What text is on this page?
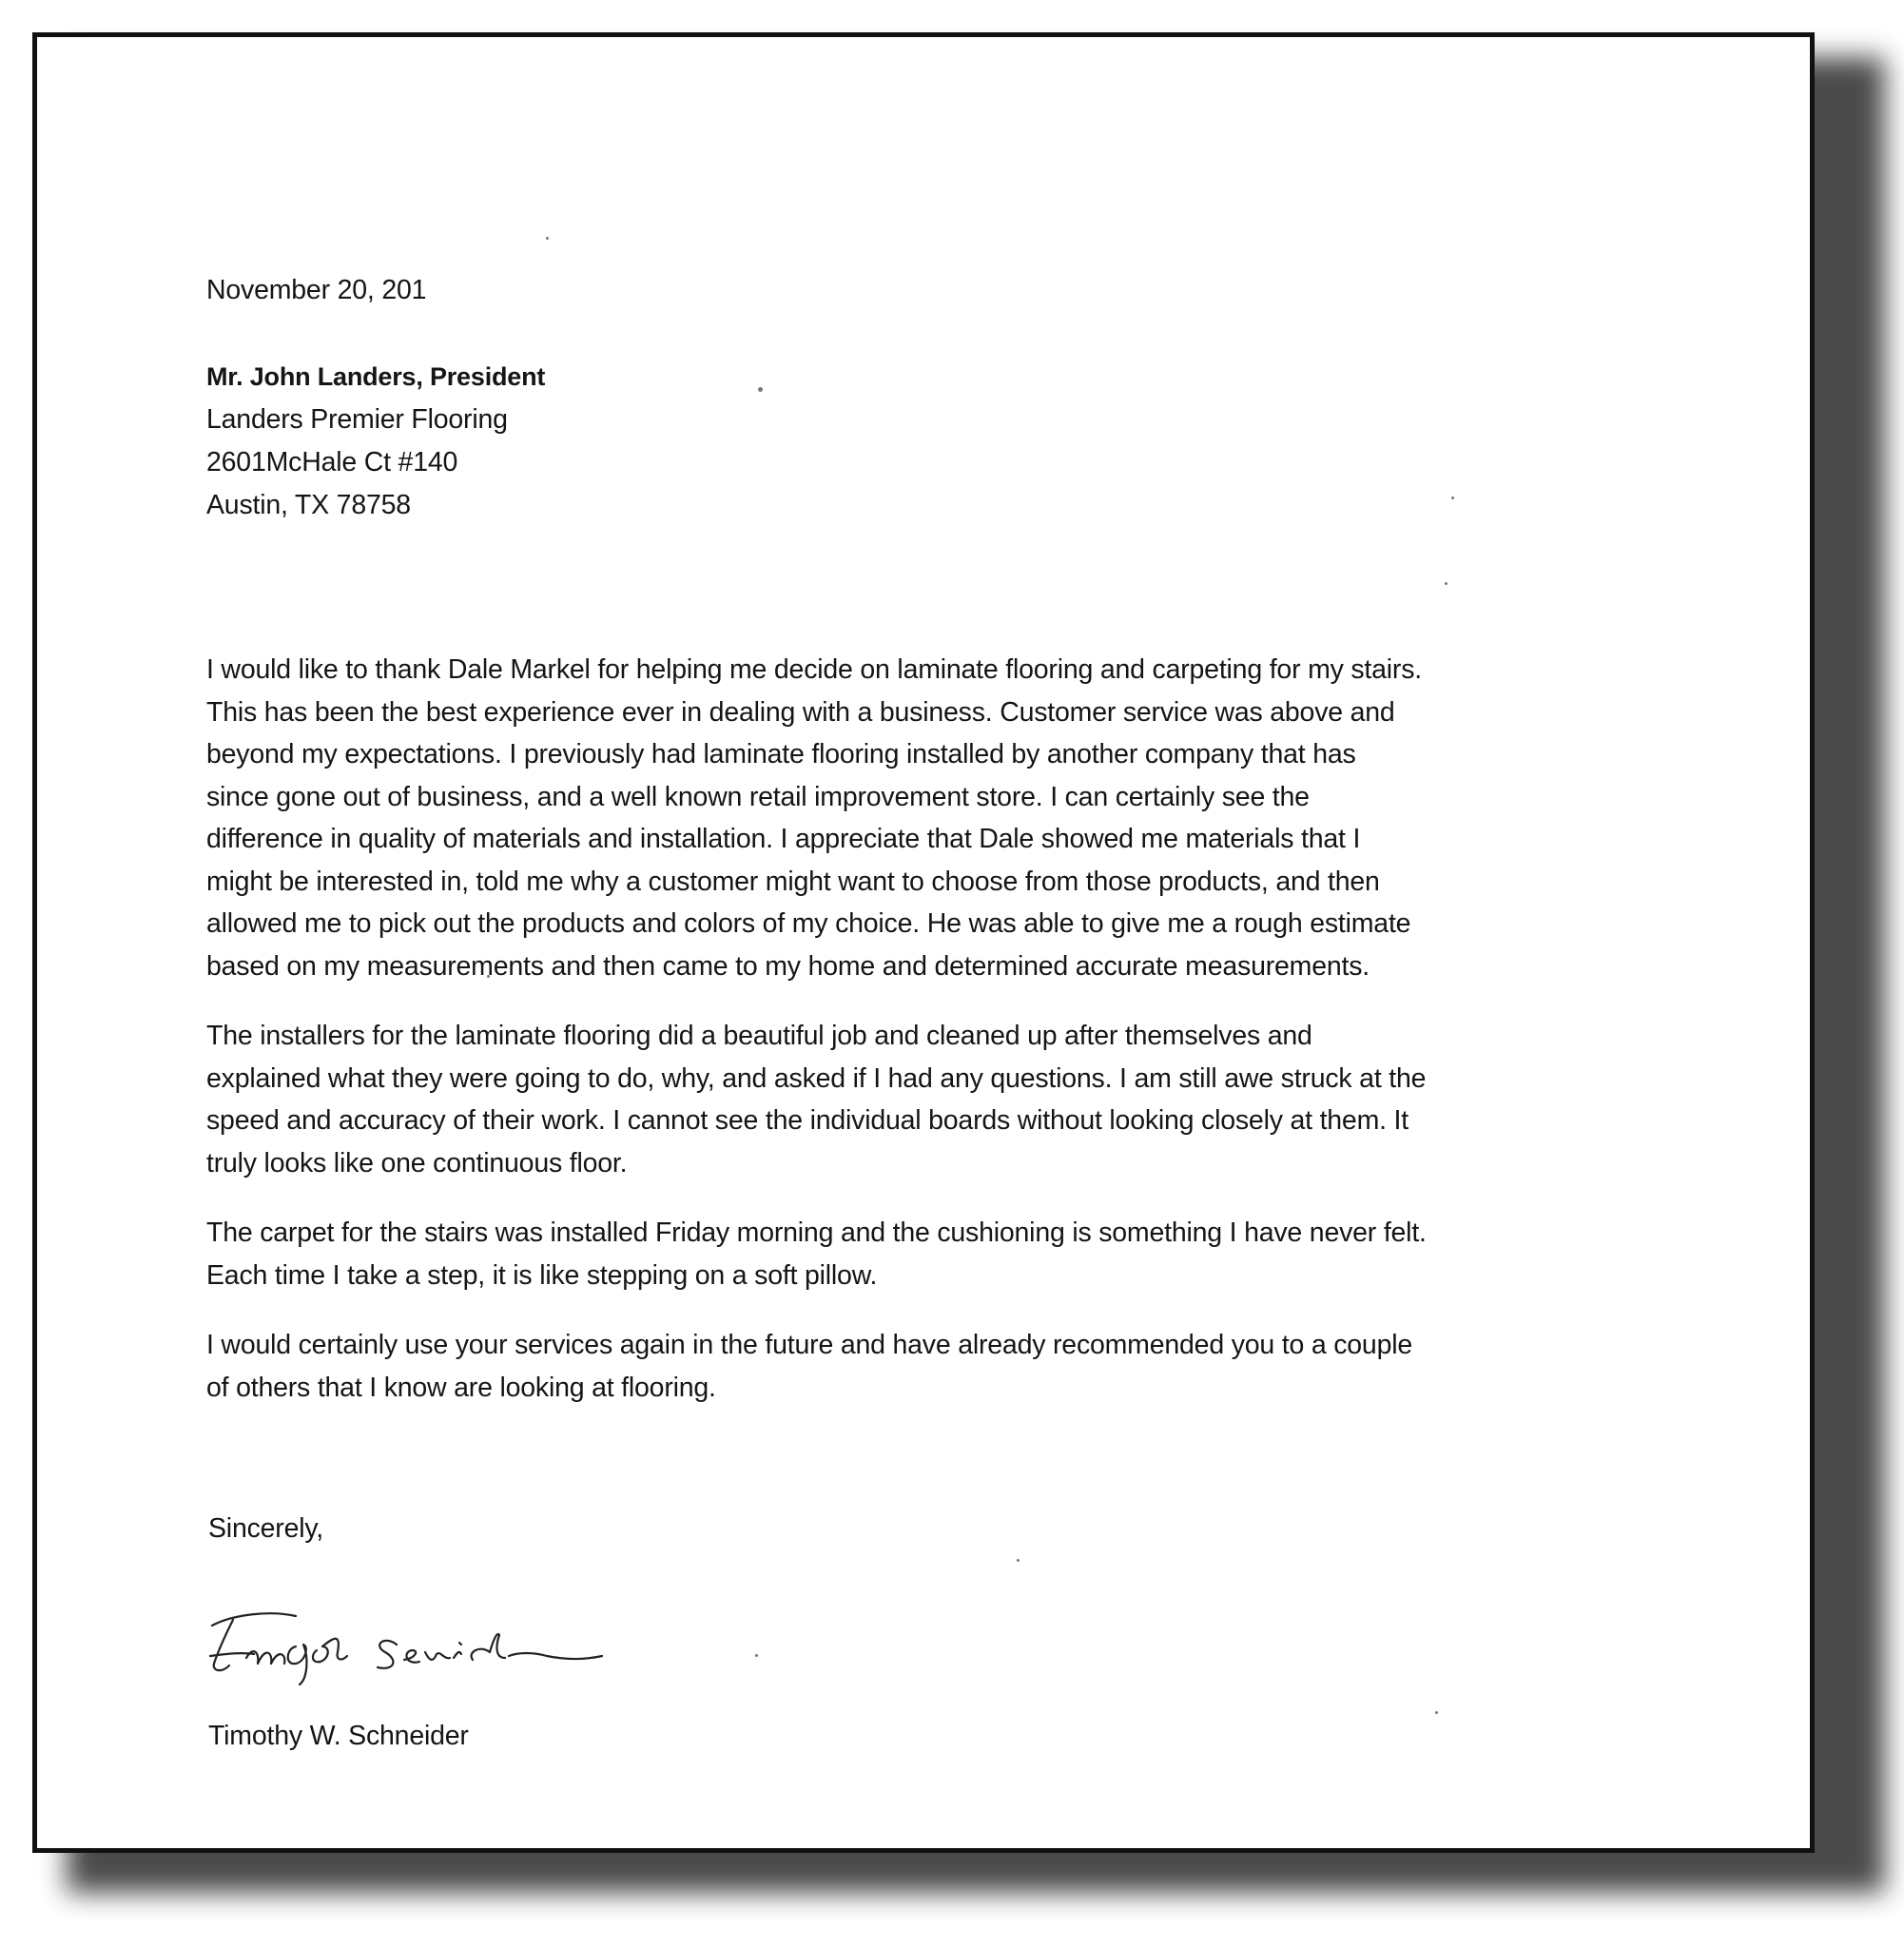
November 20, 201
Mr. John Landers, President
Landers Premier Flooring
2601McHale Ct #140
Austin, TX 78758

I would like to thank Dale Markel for helping me decide on laminate flooring and carpeting for my stairs.
This has been the best experience ever in dealing with a business. Customer service was above and
beyond my expectations. I previously had laminate flooring installed by another company that has
since gone out of business, and a well known retail improvement store. I can certainly see the
difference in quality of materials and installation. I appreciate that Dale showed me materials that I
might be interested in, told me why a customer might want to choose from those products, and then
allowed me to pick out the products and colors of my choice. He was able to give me a rough estimate
based on my measurements and then came to my home and determined accurate measurements.

The installers for the laminate flooring did a beautiful job and cleaned up after themselves and
explained what they were going to do, why, and asked if I had any questions. I am still awe struck at the
speed and accuracy of their work. I cannot see the individual boards without looking closely at them. It
truly looks like one continuous floor.

The carpet for the stairs was installed Friday morning and the cushioning is something I have never felt.
Each time I take a step, it is like stepping on a soft pillow.

I would certainly use your services again in the future and have already recommended you to a couple
of others that I know are looking at flooring.

Sincerely,
Timothy W. Schneider
